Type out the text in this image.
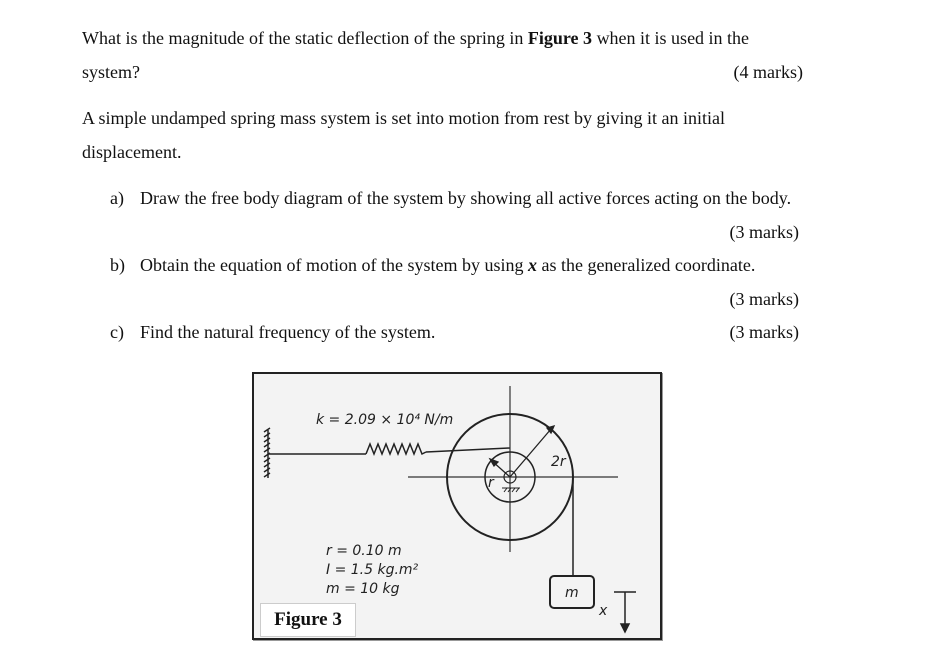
What is the magnitude of the static deflection of the spring in Figure 3 when it is used in the
system?	(4 marks)
A simple undamped spring mass system is set into motion from rest by giving it an initial
displacement.
a) Draw the free body diagram of the system by showing all active forces acting on the body.
(3 marks)
b) Obtain the equation of motion of the system by using x as the generalized coordinate.
(3 marks)
c) Find the natural frequency of the system.	(3 marks)
k = 2.09 × 10⁴ N/m
r
2r
r = 0.10 m
I = 1.5 kg.m²
m = 10 kg	m
x
Figure 3
